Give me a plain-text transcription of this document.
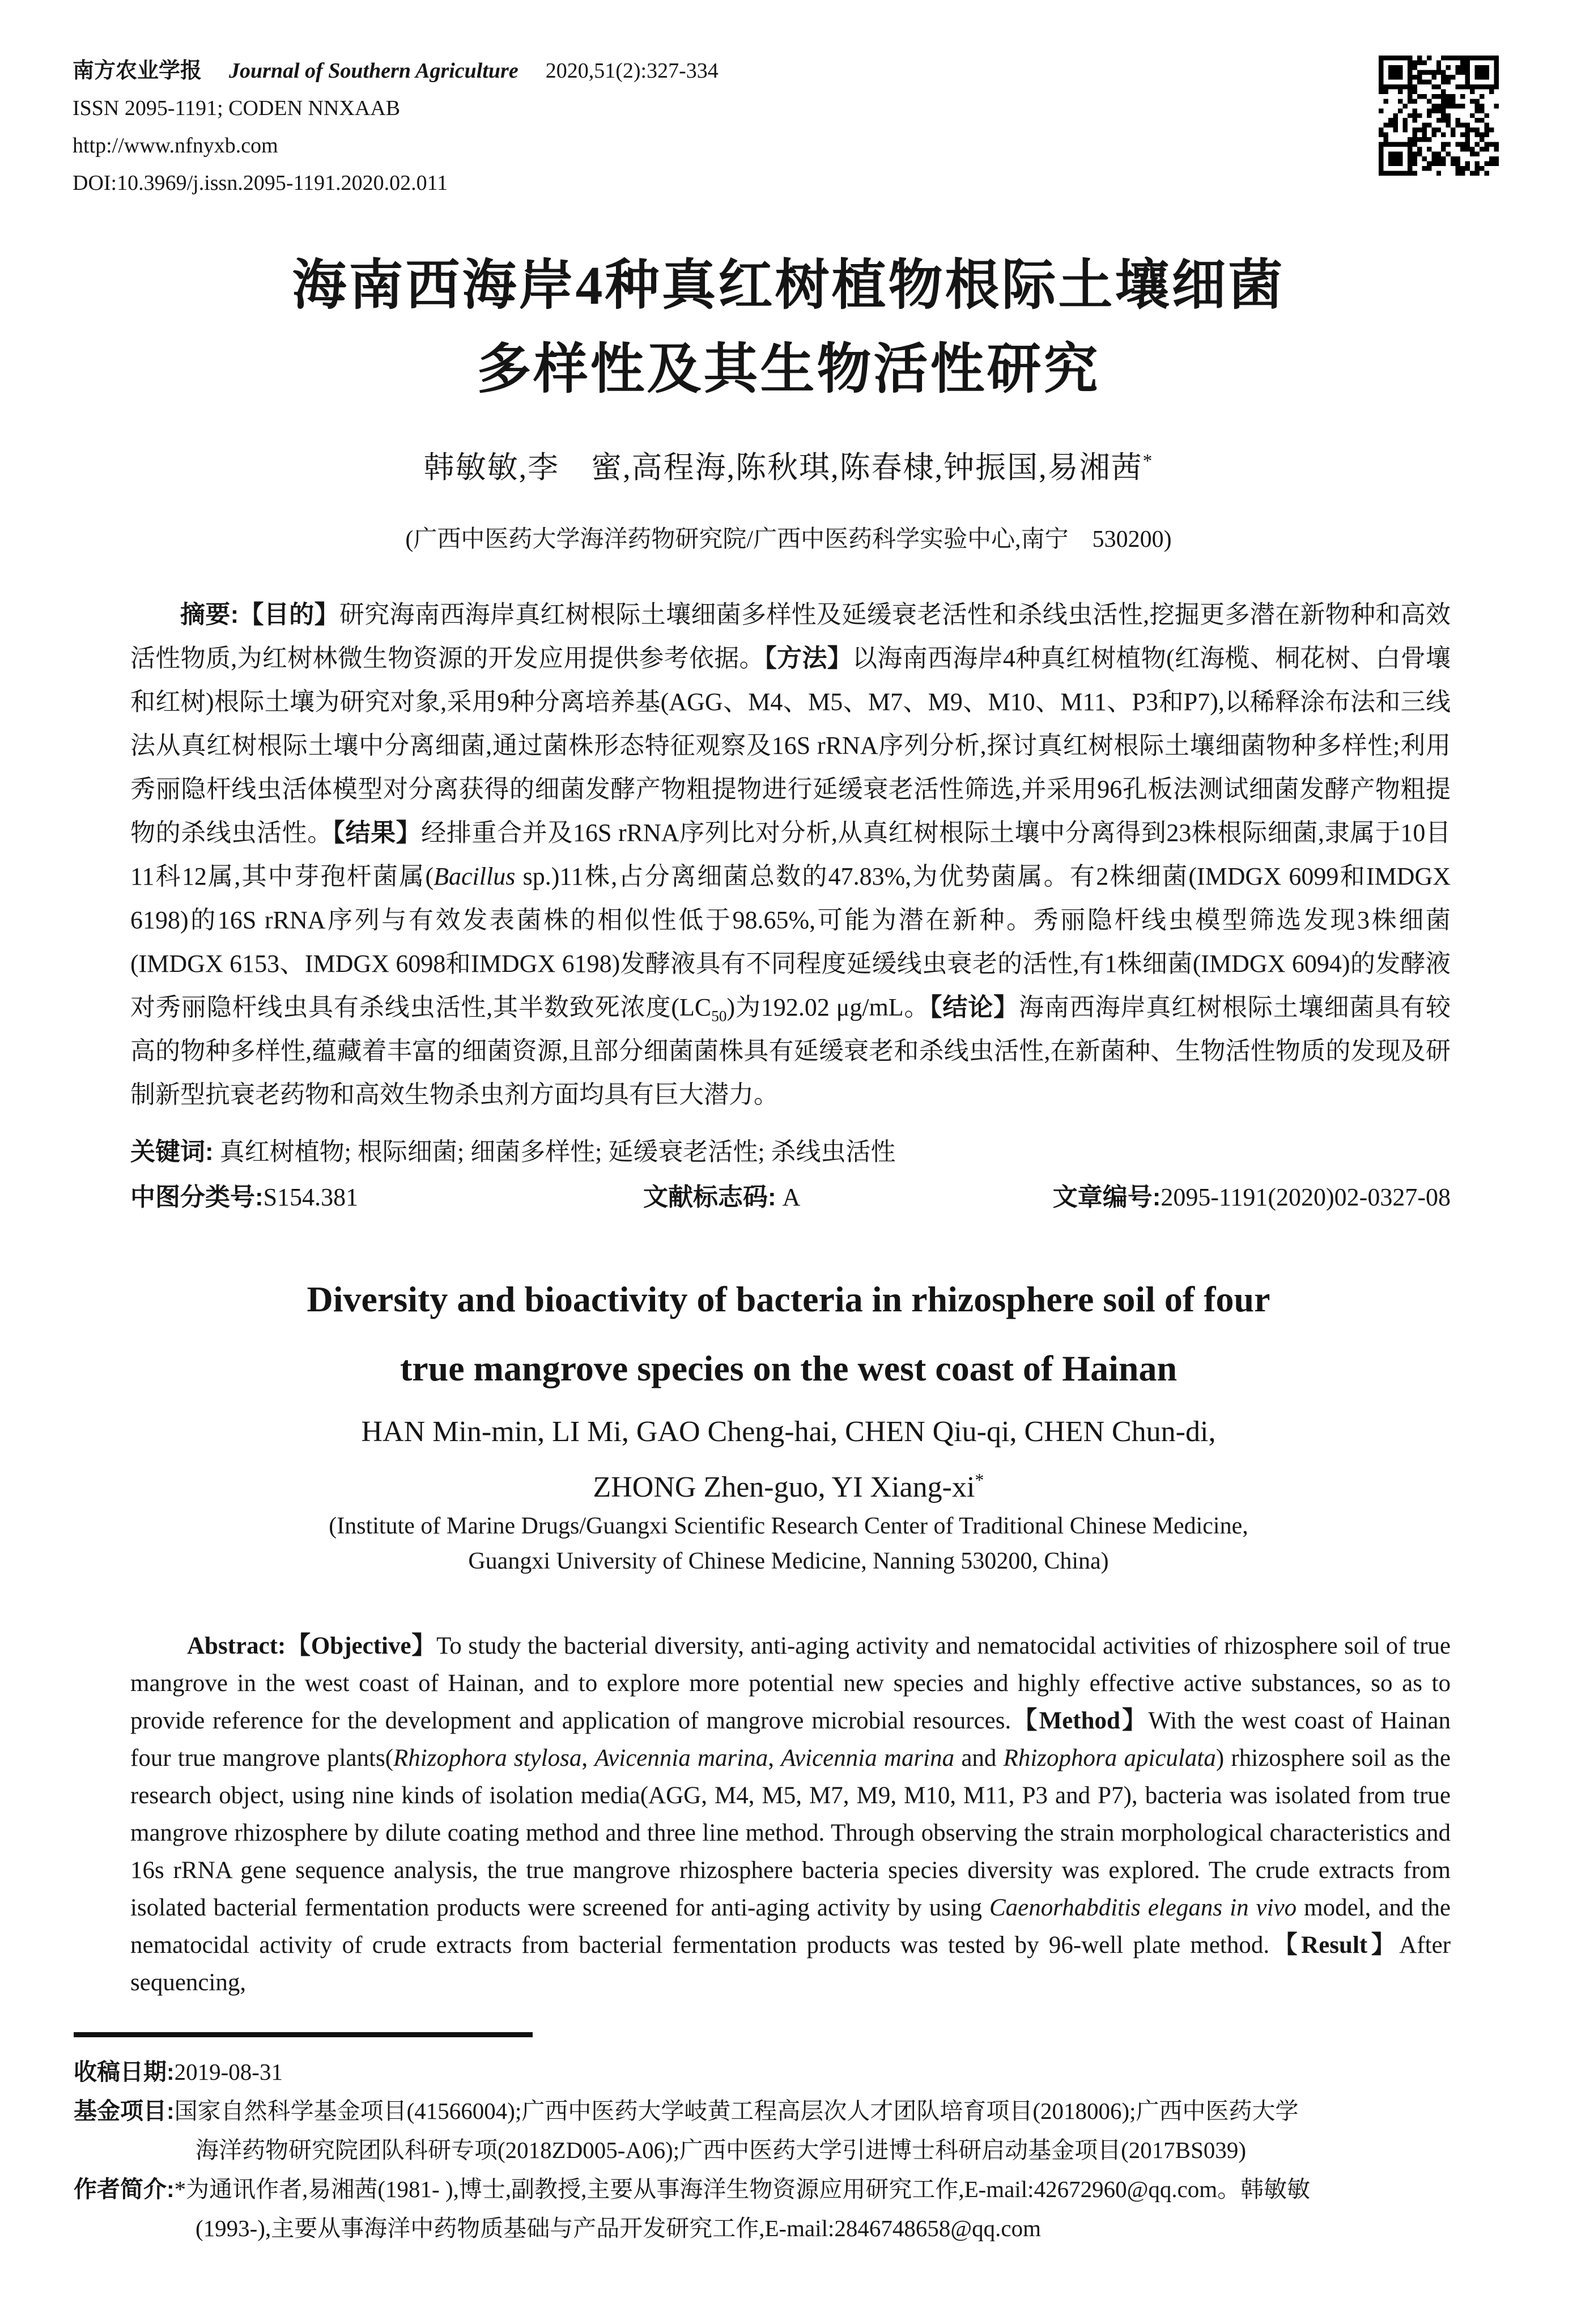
南方农业学报 Journal of Southern Agriculture 2020,51(2):327-334
ISSN 2095-1191; CODEN NNXAAB
http://www.nfnyxb.com
DOI:10.3969/j.issn.2095-1191.2020.02.011
海南西海岸4种真红树植物根际土壤细菌
多样性及其生物活性研究
韩敏敏,李　蜜,高程海,陈秋琪,陈春棣,钟振国,易湘茜*
(广西中医药大学海洋药物研究院/广西中医药科学实验中心,南宁　530200)
摘要:【目的】研究海南西海岸真红树根际土壤细菌多样性及延缓衰老活性和杀线虫活性,挖掘更多潜在新物种和高效活性物质,为红树林微生物资源的开发应用提供参考依据。【方法】以海南西海岸4种真红树植物(红海榄、桐花树、白骨壤和红树)根际土壤为研究对象,采用9种分离培养基(AGG、M4、M5、M7、M9、M10、M11、P3和P7),以稀释涂布法和三线法从真红树根际土壤中分离细菌,通过菌株形态特征观察及16S rRNA序列分析,探讨真红树根际土壤细菌物种多样性;利用秀丽隐杆线虫活体模型对分离获得的细菌发酵产物粗提物进行延缓衰老活性筛选,并采用96孔板法测试细菌发酵产物粗提物的杀线虫活性。【结果】经排重合并及16S rRNA序列比对分析,从真红树根际土壤中分离得到23株根际细菌,隶属于10目11科12属,其中芽孢杆菌属(Bacillus sp.)11株,占分离细菌总数的47.83%,为优势菌属。有2株细菌(IMDGX 6099和IMDGX 6198)的16S rRNA序列与有效发表菌株的相似性低于98.65%,可能为潜在新种。秀丽隐杆线虫模型筛选发现3株细菌(IMDGX 6153、IMDGX 6098和IMDGX 6198)发酵液具有不同程度延缓线虫衰老的活性,有1株细菌(IMDGX 6094)的发酵液对秀丽隐杆线虫具有杀线虫活性,其半数致死浓度$(LC_{50})$为192.02 μg/mL。【结论】海南西海岸真红树根际土壤细菌具有较高的物种多样性,蕴藏着丰富的细菌资源,且部分细菌菌株具有延缓衰老和杀线虫活性,在新菌种、生物活性物质的发现及研制新型抗衰老药物和高效生物杀虫剂方面均具有巨大潜力。
关键词: 真红树植物; 根际细菌; 细菌多样性; 延缓衰老活性; 杀线虫活性
中图分类号:S154.381	文献标志码: A	文章编号:2095-1191(2020)02-0327-08
Diversity and bioactivity of bacteria in rhizosphere soil of four
true mangrove species on the west coast of Hainan
HAN Min-min, LI Mi, GAO Cheng-hai, CHEN Qiu-qi, CHEN Chun-di,
ZHONG Zhen-guo, YI Xiang-xi*
(Institute of Marine Drugs/Guangxi Scientific Research Center of Traditional Chinese Medicine,
Guangxi University of Chinese Medicine, Nanning 530200, China)
Abstract:【Objective】To study the bacterial diversity, anti-aging activity and nematocidal activities of rhizosphere soil of true mangrove in the west coast of Hainan, and to explore more potential new species and highly effective active substances, so as to provide reference for the development and application of mangrove microbial resources.【Method】With the west coast of Hainan four true mangrove plants(Rhizophora stylosa, Avicennia marina, Avicennia marina and Rhizophora apiculata) rhizosphere soil as the research object, using nine kinds of isolation media(AGG, M4, M5, M7, M9, M10, M11, P3 and P7), bacteria was isolated from true mangrove rhizosphere by dilute coating method and three line method. Through observing the strain morphological characteristics and 16s rRNA gene sequence analysis, the true mangrove rhizosphere bacteria species diversity was explored. The crude extracts from isolated bacterial fermentation products were screened for anti-aging activity by using Caenorhabditis elegans in vivo model, and the nematocidal activity of crude extracts from bacterial fermentation products was tested by 96-well plate method.【Result】After sequencing,

收稿日期:2019-08-31

基金项目:国家自然科学基金项目(41566004);广西中医药大学岐黄工程高层次人才团队培育项目(2018006);广西中医药大学
海洋药物研究院团队科研专项(2018ZD005-A06);广西中医药大学引进博士科研启动基金项目(2017BS039)

作者简介:*为通讯作者,易湘茜(1981- ),博士,副教授,主要从事海洋生物资源应用研究工作,E-mail:42672960@qq.com。韩敏敏
(1993-),主要从事海洋中药物质基础与产品开发研究工作,E-mail:2846748658@qq.com
